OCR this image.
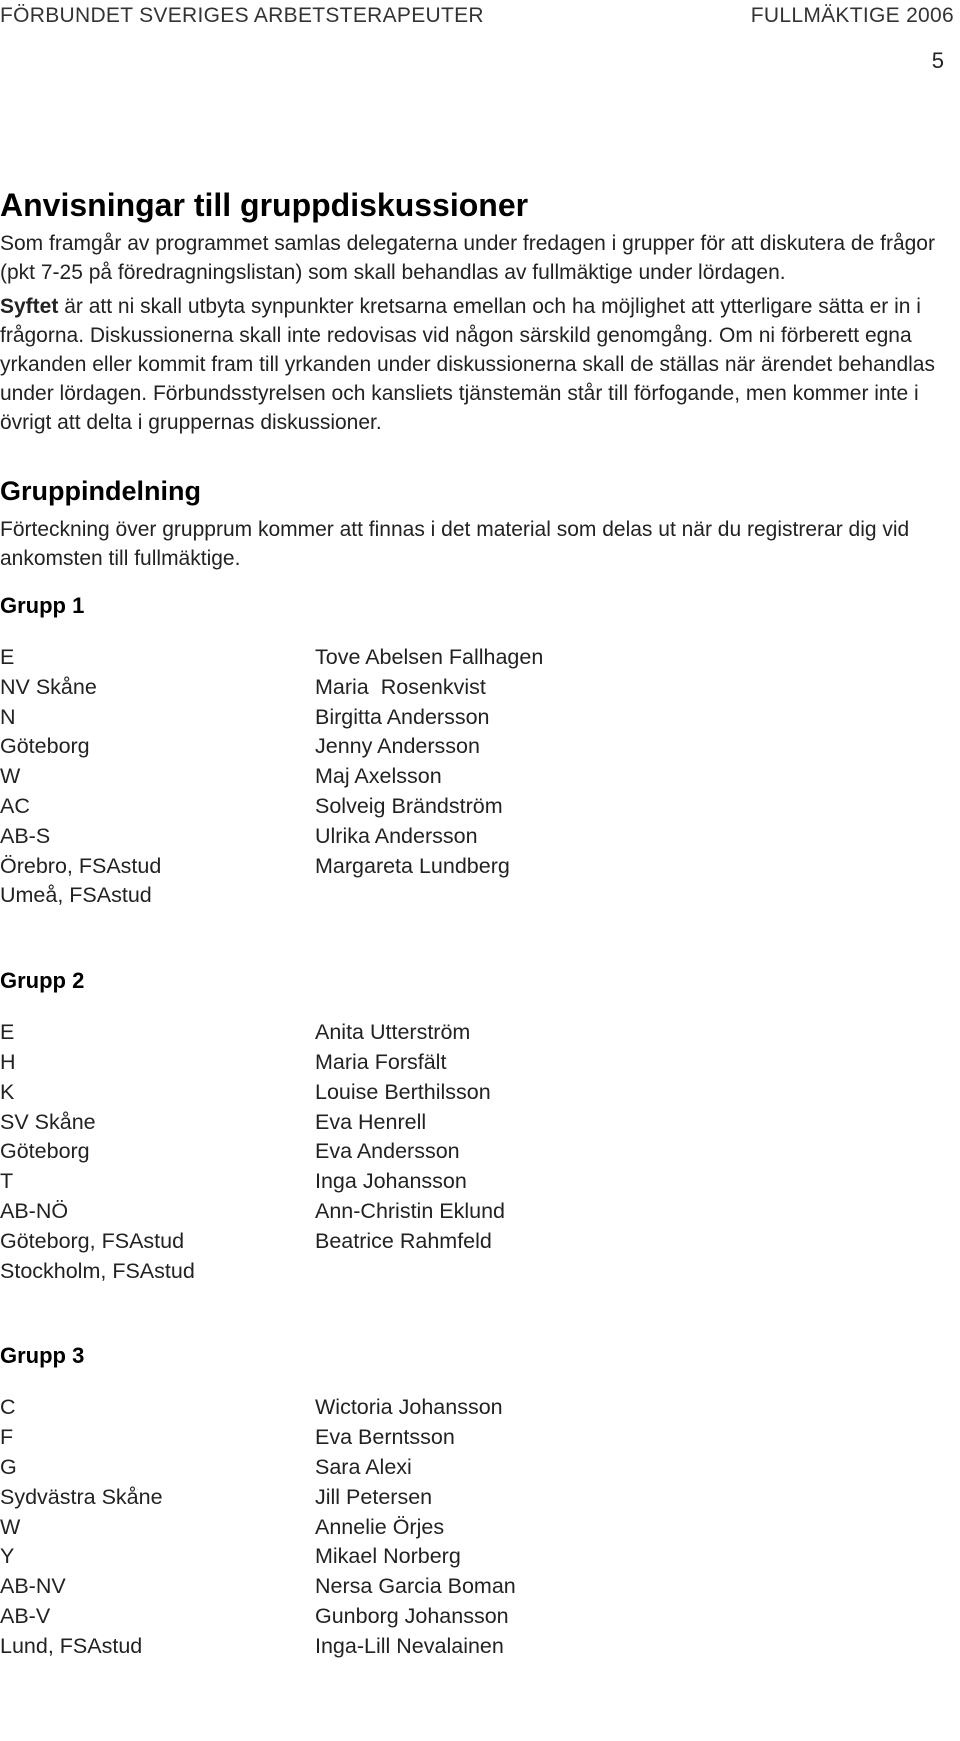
FÖRBUNDET SVERIGES ARBETSTERAPEUTER	FULLMÄKTIGE 2006
5
Anvisningar till gruppdiskussioner

Som framgår av programmet samlas delegaterna under fredagen i grupper för att diskutera de frågor (pkt 7-25 på föredragningslistan) som skall behandlas av fullmäktige under lördagen.

Syftet är att ni skall utbyta synpunkter kretsarna emellan och ha möjlighet att ytterligare sätta er in i frågorna. Diskussionerna skall inte redovisas vid någon särskild genomgång. Om ni förberett egna yrkanden eller kommit fram till yrkanden under diskussionerna skall de ställas när ärendet behandlas under lördagen. Förbundsstyrelsen och kansliets tjänstemän står till förfogande, men kommer inte i övrigt att delta i gruppernas diskussioner.

Gruppindelning

Förteckning över grupprum kommer att finnas i det material som delas ut när du registrerar dig vid ankomsten till fullmäktige.

Grupp 1
E
NV Skåne
N
Göteborg
W
AC
AB-S
Örebro, FSAstud
Umeå, FSAstud
Tove Abelsen Fallhagen
Maria  Rosenkvist
Birgitta Andersson
Jenny Andersson
Maj Axelsson
Solveig Brändström
Ulrika Andersson
Margareta Lundberg
Grupp 2
E
H
K
SV Skåne
Göteborg
T
AB-NÖ
Göteborg, FSAstud
Stockholm, FSAstud
Anita Utterström
Maria Forsfält
Louise Berthilsson
Eva Henrell
Eva Andersson
Inga Johansson
Ann-Christin Eklund
Beatrice Rahmfeld
Grupp 3
C
F
G
Sydvästra Skåne
W
Y
AB-NV
AB-V
Lund, FSAstud
Wictoria Johansson
Eva Berntsson
Sara Alexi
Jill Petersen
Annelie Örjes
Mikael Norberg
Nersa Garcia Boman
Gunborg Johansson
Inga-Lill Nevalainen
